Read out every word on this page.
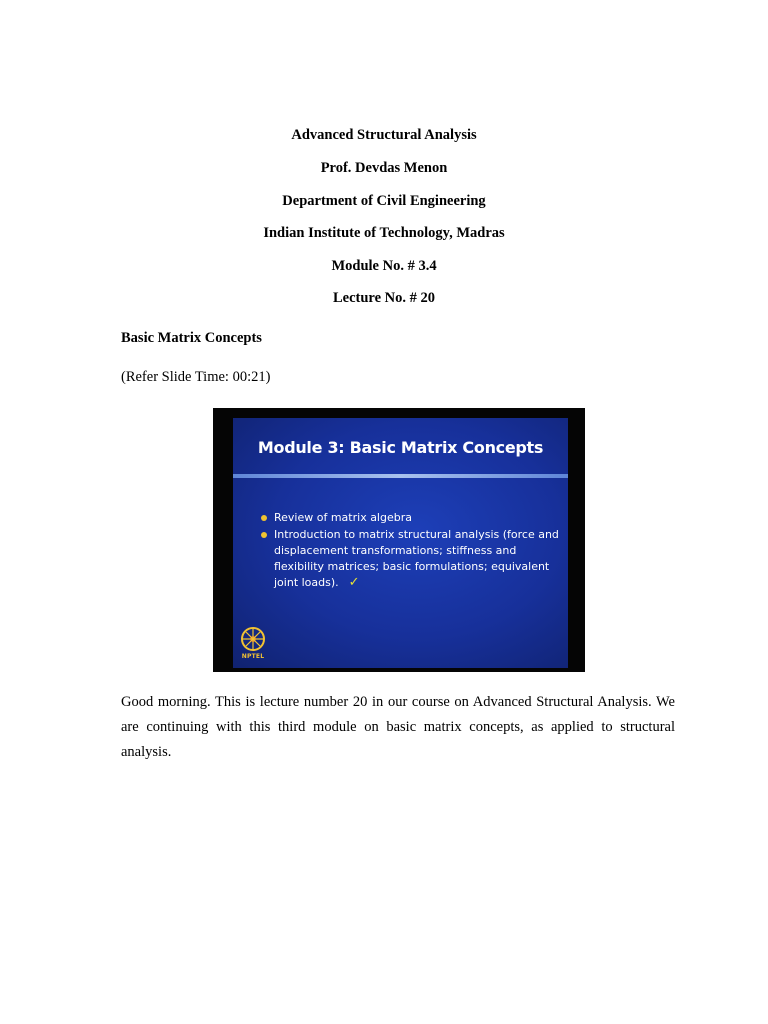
Advanced Structural Analysis
Prof. Devdas Menon
Department of Civil Engineering
Indian Institute of Technology, Madras
Module No. # 3.4
Lecture No. # 20
Basic Matrix Concepts
(Refer Slide Time: 00:21)
Module 3: Basic Matrix Concepts
Review of matrix algebra
Introduction to matrix structural analysis (force and displacement transformations; stiffness and flexibility matrices; basic formulations; equivalent joint loads). ✓
NPTEL

Good morning. This is lecture number 20 in our course on Advanced Structural Analysis. We are continuing with this third module on basic matrix concepts, as applied to structural analysis.
